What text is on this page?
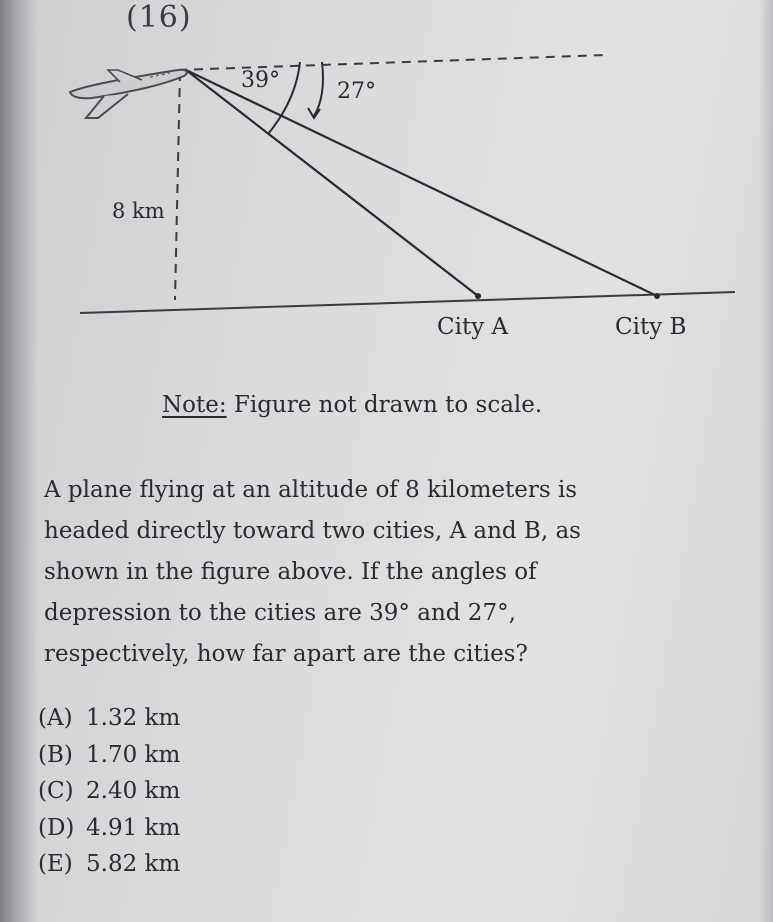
(16)
39°	27°
8 km
City A	City B
Note: Figure not drawn to scale.
A plane flying at an altitude of 8 kilometers is
headed directly toward two cities, A and B, as
shown in the figure above. If the angles of
depression to the cities are 39° and 27°,
respectively, how far apart are the cities?
(A) 1.32 km
(B) 1.70 km
(C) 2.40 km
(D) 4.91 km
(E) 5.82 km
